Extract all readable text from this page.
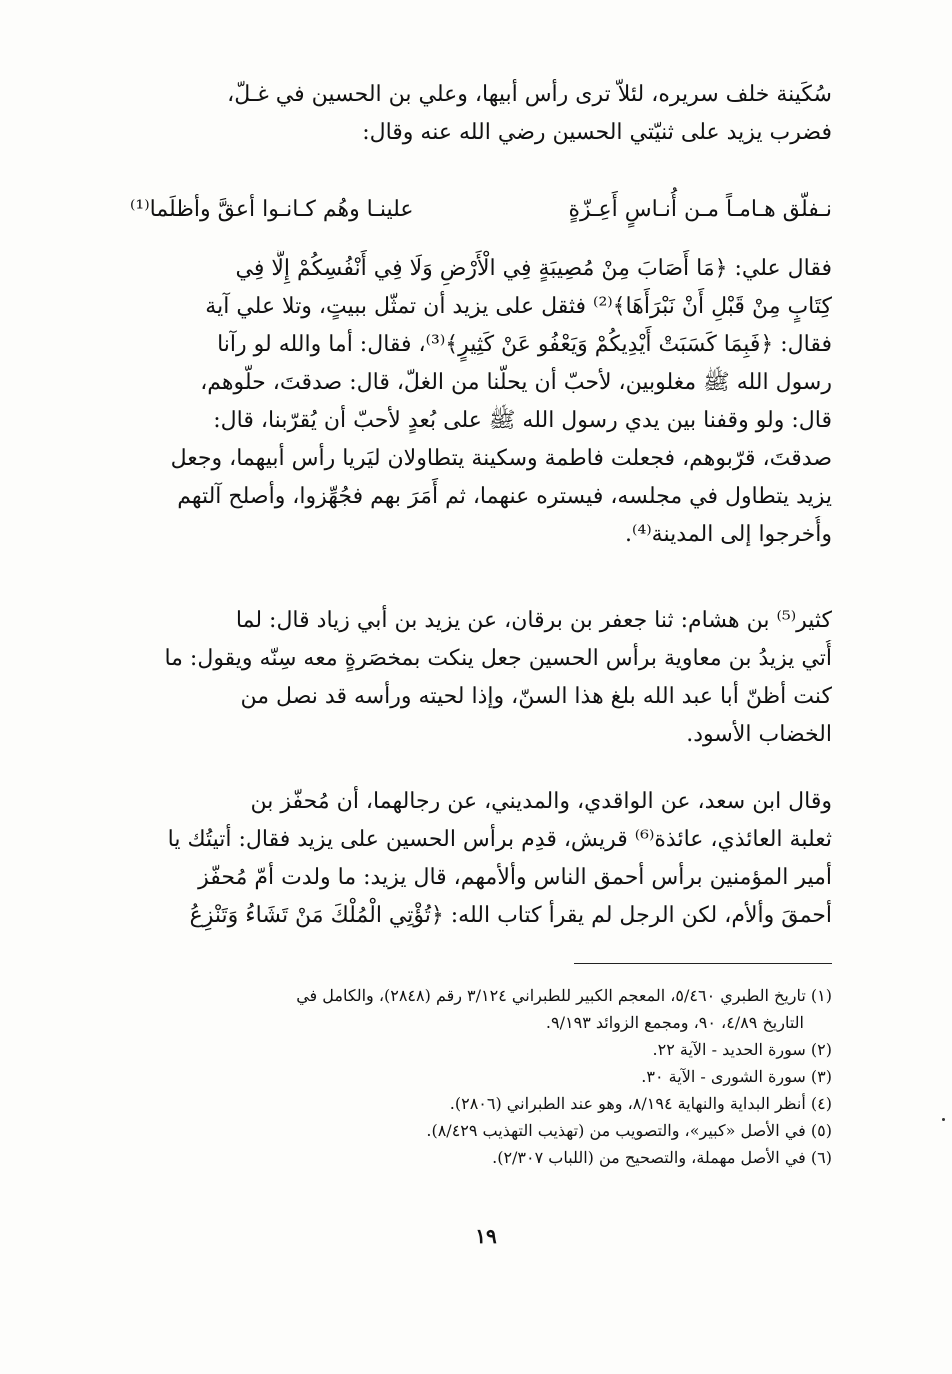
سُكَينة خلف سريره، لئلاّ ترى رأس أبيها، وعلي بن الحسين في غـلّ،
فضرب يزيد على ثنيّتي الحسين رضي الله عنه وقال:
نـفلّق هـامـاً مـن أُنـاسٍ أَعِـزّةٍ
علينـا وهُم كـانـوا أعقَّ وأظلَما⁽¹⁾
فقال علي: ﴿مَا أَصَابَ مِنْ مُصِيبَةٍ فِي الْأَرْضِ وَلَا فِي أَنْفُسِكُمْ إِلَّا فِي
كِتَابٍ مِنْ قَبْلِ أَنْ نَبْرَأَهَا﴾⁽²⁾ فثقل على يزيد أن تمثّل ببيتٍ، وتلا علي آية
فقال: ﴿فَبِمَا كَسَبَتْ أَيْدِيكُمْ وَيَعْفُو عَنْ كَثِيرٍ﴾⁽³⁾، فقال: أما والله لو رآنا
رسول الله ﷺ مغلوبين، لأحبّ أن يحلّنا من الغلّ، قال: صدقتَ، حلّوهم،
قال: ولو وقفنا بين يدي رسول الله ﷺ على بُعدٍ لأحبّ أن يُقرّبنا، قال:
صدقتَ، قرّبوهم، فجعلت فاطمة وسكينة يتطاولان ليَريا رأس أبيهما، وجعل
يزيد يتطاول في مجلسه، فيستره عنهما، ثم أَمَرَ بهم فجُهِّزوا، وأصلح آلتهم
وأُخرجوا إلى المدينة⁽⁴⁾.
كثير⁽⁵⁾ بن هشام: ثنا جعفر بن برقان، عن يزيد بن أبي زياد قال: لما
أُتي يزيدُ بن معاوية برأس الحسين جعل ينكت بمخصَرةٍ معه سِنّه ويقول: ما
كنت أظنّ أبا عبد الله بلغ هذا السنّ، وإذا لحيته ورأسه قد نصل من
الخضاب الأسود.
وقال ابن سعد، عن الواقدي، والمديني، عن رجالهما، أن مُحفّز بن
ثعلبة العائذي، عائذة⁽⁶⁾ قريش، قدِم برأس الحسين على يزيد فقال: أتيتُك يا
أمير المؤمنين برأس أحمق الناس وألأمهم، قال يزيد: ما ولدت أمّ مُحفّز
أحمقَ وألأم، لكن الرجل لم يقرأ كتاب الله: ﴿تُؤْتِي الْمُلْكَ مَنْ تَشَاءُ وَتَنْزِعُ
(١) تاريخ الطبري ٥/٤٦٠، المعجم الكبير للطبراني ٣/١٢٤ رقم (٢٨٤٨)، والكامل في
التاريخ ٤/٨٩، ٩٠، ومجمع الزوائد ٩/١٩٣.
(٢) سورة الحديد - الآية ٢٢.
(٣) سورة الشورى - الآية ٣٠.
(٤) أنظر البداية والنهاية ٨/١٩٤، وهو عند الطبراني (٢٨٠٦).
(٥) في الأصل «كبير»، والتصويب من (تهذيب التهذيب ٨/٤٢٩).
(٦) في الأصل مهملة، والتصحيح من (اللباب ٢/٣٠٧).
١٩
